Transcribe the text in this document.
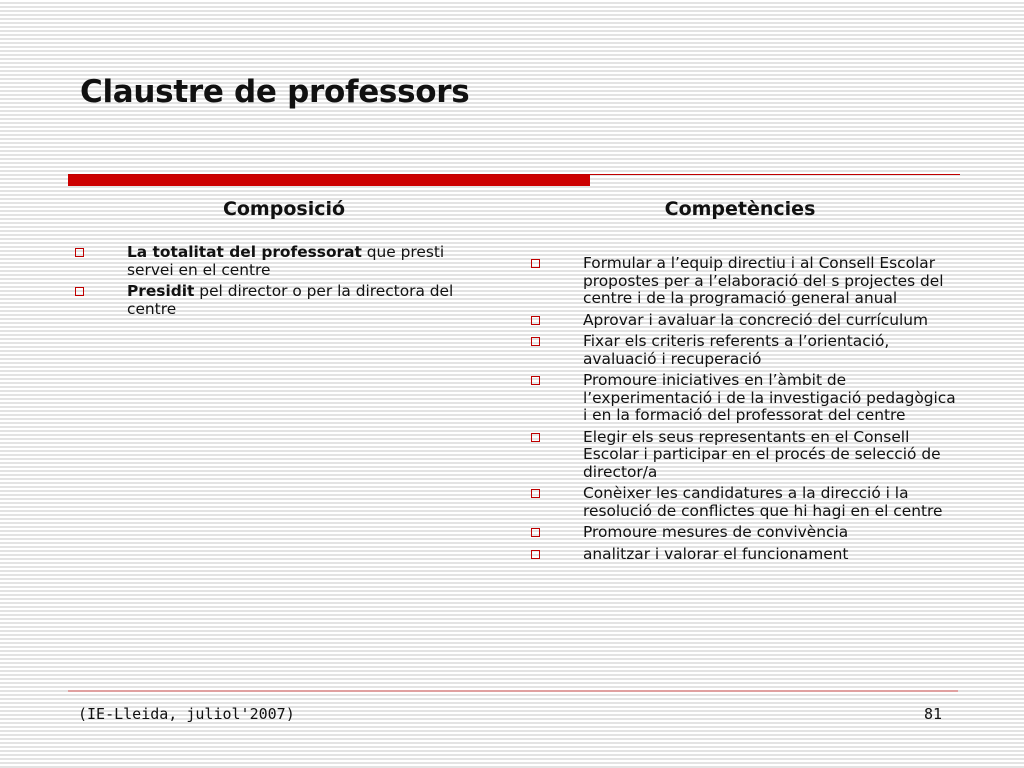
Claustre de professors
Composició
La totalitat del professorat que presti servei en el centre
Presidit pel director o per la directora del centre
Competències
Formular a l’equip directiu i al Consell Escolar propostes per a l’elaboració del s projectes del centre i de la programació general anual
Aprovar i avaluar la concreció del currículum
Fixar els criteris referents a l’orientació, avaluació i recuperació
Promoure iniciatives en l’àmbit de l’experimentació i de la investigació pedagògica i en la formació del professorat del centre
Elegir els seus representants en el Consell Escolar i participar en el procés de selecció de director/a
Conèixer les candidatures a la direcció i la resolució de conflictes que hi hagi en el centre
Promoure mesures de convivència
analitzar i valorar el funcionament
(IE-Lleida, juliol'2007)	81
